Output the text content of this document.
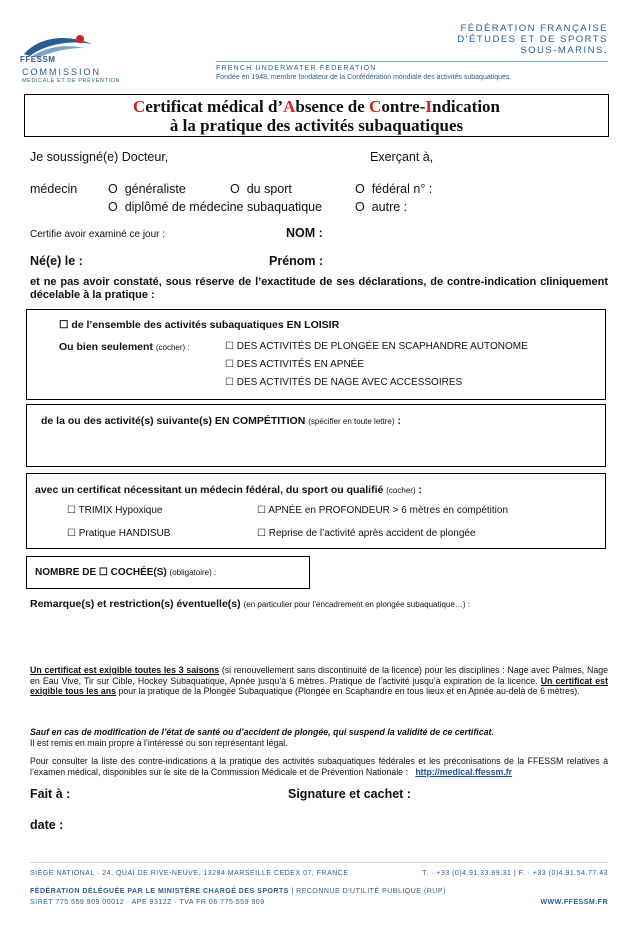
FFESSM
COMMISSION
MÉDICALE ET DE PRÉVENTION
FÉDÉRATION FRANÇAISE
D'ÉTUDES ET DE SPORTS
SOUS-MARINS.
FRENCH UNDERWATER FEDERATION
Fondée en 1948, membre fondateur de la Confédération mondiale des activités subaquatiques.
Certificat médical d’Absence de Contre-Indication
à la pratique des activités subaquatiques
Je soussigné(e) Docteur,	Exerçant à,
médecin O généraliste	O du sport	O fédéral n° :
O diplômé de médecine subaquatique	O autre :
Certifie avoir examiné ce jour :	NOM :
Né(e) le :	Prénom :
et ne pas avoir constaté, sous réserve de l’exactitude de ses déclarations, de contre-indication cliniquement décelable à la pratique :
☐ de l’ensemble des activités subaquatiques EN LOISIR
Ou bien seulement (cocher) :	☐ DES ACTIVITÉS DE PLONGÉE EN SCAPHANDRE AUTONOME
☐ DES ACTIVITÉS EN APNÉE
☐ DES ACTIVITÉS DE NAGE AVEC ACCESSOIRES
de la ou des activité(s) suivante(s) EN COMPÉTITION (spécifier en toute lettre) :
avec un certificat nécessitant un médecin fédéral, du sport ou qualifié (cocher) :
☐ TRIMIX Hypoxique	☐ APNÉE en PROFONDEUR > 6 mètres en compétition
☐ Pratique HANDISUB	☐ Reprise de l’activité après accident de plongée
NOMBRE DE ☐ COCHÉE(S) (obligatoire) :
Remarque(s) et restriction(s) éventuelle(s) (en particulier pour l’encadrement en plongée subaquatique…) :
Un certificat est exigible toutes les 3 saisons (si renouvellement sans discontinuité de la licence) pour les disciplines : Nage avec Palmes, Nage en Eau Vive, Tir sur Cible, Hockey Subaquatique, Apnée jusqu’à 6 mètres. Pratique de l’activité jusqu’à expiration de la licence. Un certificat est exigible tous les ans pour la pratique de la Plongée Subaquatique (Plongée en Scaphandre en tous lieux et en Apnée au-delà de 6 mètres).
Sauf en cas de modification de l’état de santé ou d’accident de plongée, qui suspend la validité de ce certificat.
Il est remis en main propre à l’intéressé ou son représentant légal.
Pour consulter la liste des contre-indications à la pratique des activités subaquatiques fédérales et les préconisations de la FFESSM relatives à l’examen médical, disponibles sur le site de la Commission Médicale et de Prévention Nationale : http://medical.ffessm.fr
Fait à :	Signature et cachet :
date :
SIÈGE NATIONAL · 24, QUAI DE RIVE-NEUVE, 13284 MARSEILLE CEDEX 07, FRANCE	T. · +33 (0)4.91.33.99.31 | F. · +33 (0)4.91.54.77.43
FÉDÉRATION DÉLÉGUÉE PAR LE MINISTÈRE CHARGÉ DES SPORTS | RECONNUE D'UTILITÉ PUBLIQUE (RUP)
SIRET 775 559 909 00012 · APE 9312Z · TVA FR 06 775 559 909	WWW.FFESSM.FR
